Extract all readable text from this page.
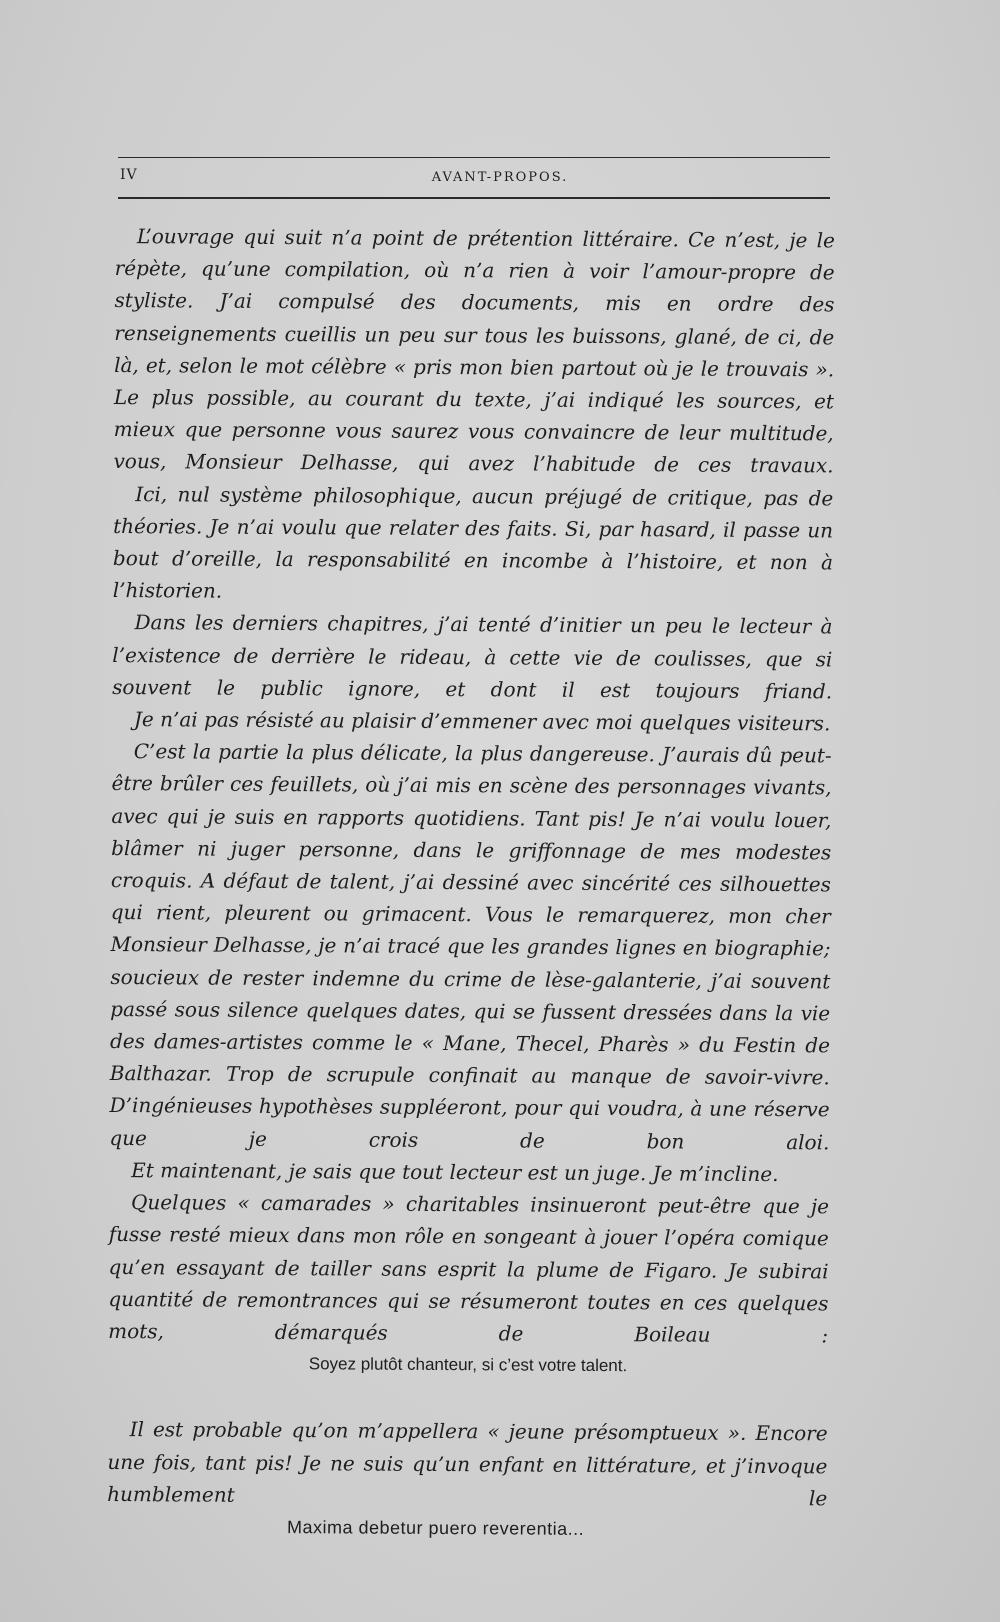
IV	AVANT-PROPOS.

L’ouvrage qui suit n’a point de prétention littéraire. Ce n’est, je le répète, qu’une compilation, où n’a rien à voir l’amour-propre de styliste. J’ai compulsé des documents, mis en ordre des renseignements cueillis un peu sur tous les buissons, glané, de ci, de là, et, selon le mot célèbre « pris mon bien partout où je le trouvais ». Le plus possible, au courant du texte, j’ai indiqué les sources, et mieux que personne vous saurez vous convaincre de leur multitude, vous, Monsieur Delhasse, qui avez l’habitude de ces travaux.

Ici, nul système philosophique, aucun préjugé de critique, pas de théories. Je n’ai voulu que relater des faits. Si, par hasard, il passe un bout d’oreille, la responsabilité en incombe à l’histoire, et non à l’historien.

Dans les derniers chapitres, j’ai tenté d’initier un peu le lecteur à l’existence de derrière le rideau, à cette vie de coulisses, que si souvent le public ignore, et dont il est toujours friand.

Je n’ai pas résisté au plaisir d’emmener avec moi quelques visiteurs.

C’est la partie la plus délicate, la plus dangereuse. J’aurais dû peut-être brûler ces feuillets, où j’ai mis en scène des personnages vivants, avec qui je suis en rapports quotidiens. Tant pis! Je n’ai voulu louer, blâmer ni juger personne, dans le griffonnage de mes modestes croquis. A défaut de talent, j’ai dessiné avec sincérité ces silhouettes qui rient, pleurent ou grimacent. Vous le remarquerez, mon cher Monsieur Delhasse, je n’ai tracé que les grandes lignes en biographie; soucieux de rester indemne du crime de lèse-galanterie, j’ai souvent passé sous silence quelques dates, qui se fussent dressées dans la vie des dames-artistes comme le « Mane, Thecel, Pharès » du Festin de Balthazar. Trop de scrupule confinait au manque de savoir-vivre. D’ingénieuses hypothèses suppléeront, pour qui voudra, à une réserve que je crois de bon aloi.

Et maintenant, je sais que tout lecteur est un juge. Je m’incline.

Quelques « camarades » charitables insinueront peut-être que je fusse resté mieux dans mon rôle en songeant à jouer l’opéra comique qu’en essayant de tailler sans esprit la plume de Figaro. Je subirai quantité de remontrances qui se résumeront toutes en ces quelques mots, démarqués de Boileau :

Soyez plutôt chanteur, si c’est votre talent.

Il est probable qu’on m’appellera « jeune présomptueux ». Encore une fois, tant pis! Je ne suis qu’un enfant en littérature, et j’invoque humblement le

Maxima debetur puero reverentia...
